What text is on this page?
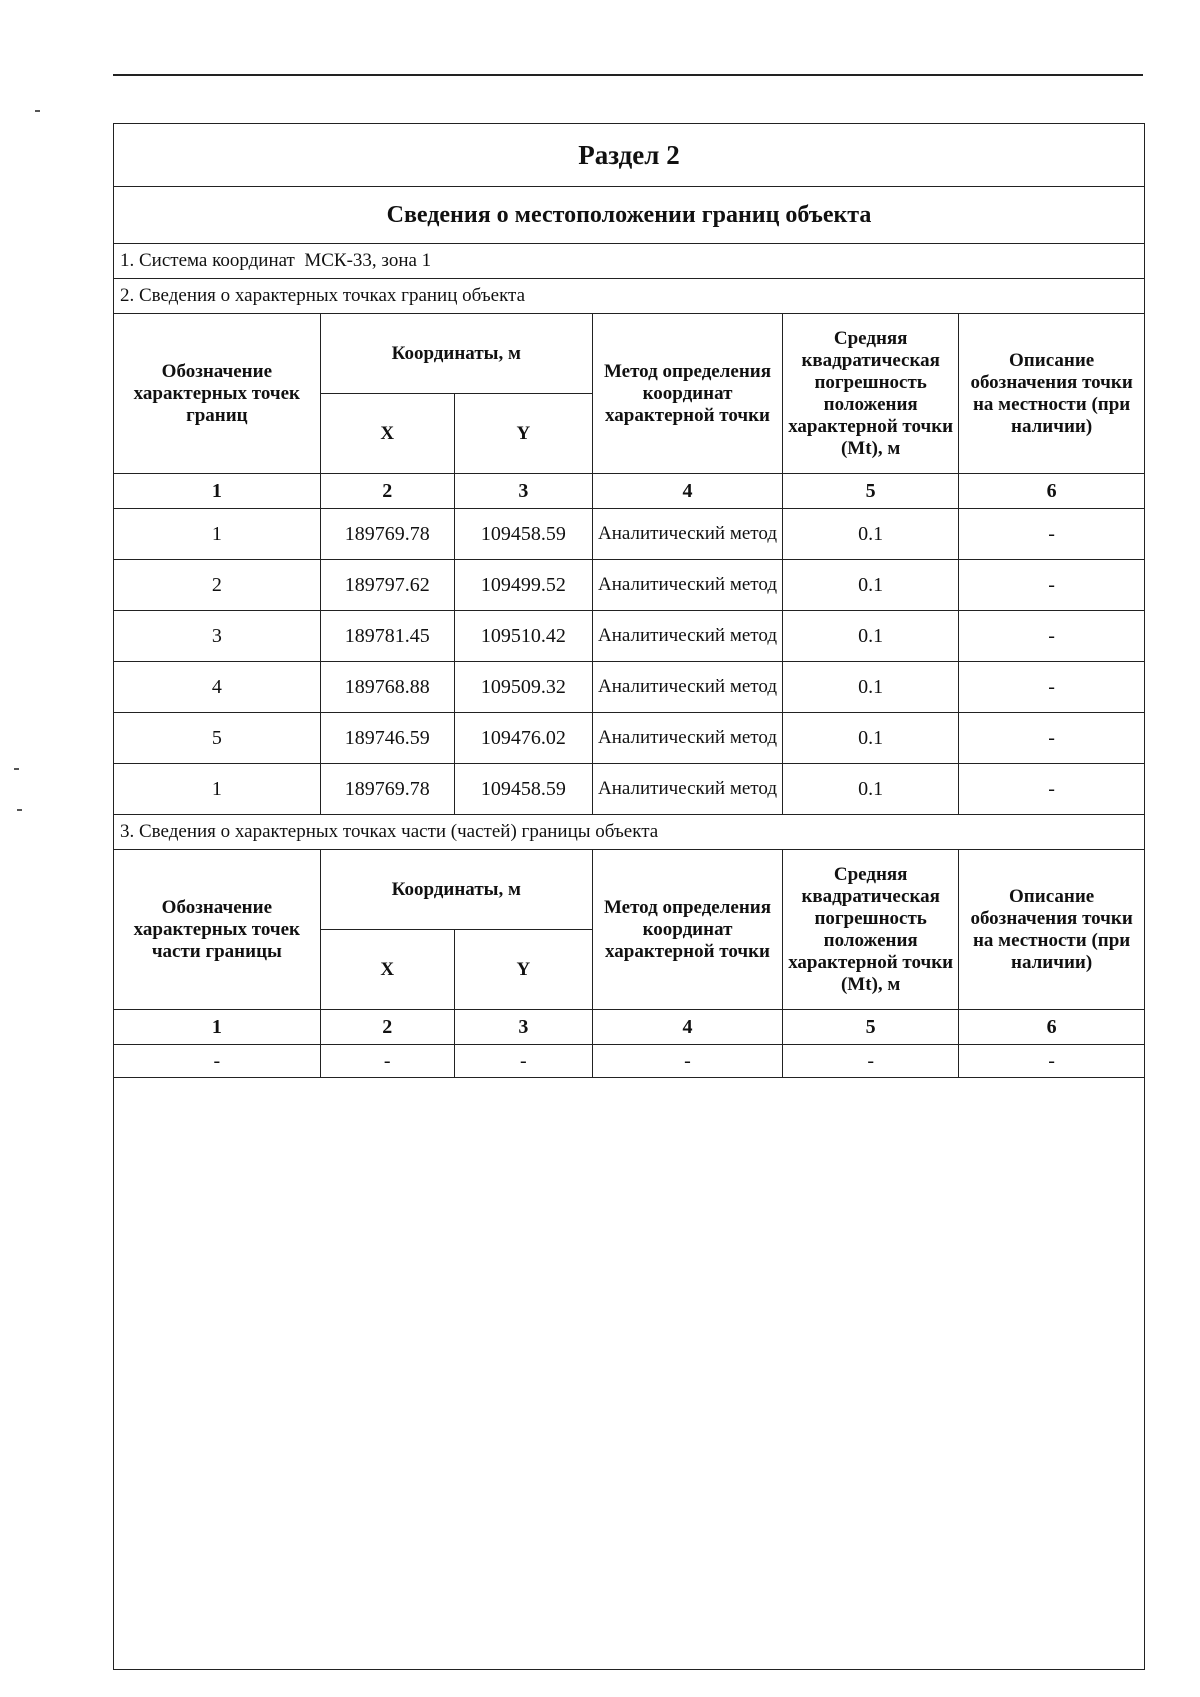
Раздел 2					
Сведения о местоположении границ объекта					
1. Система координат МСК-33, зона 1					
2. Сведения о характерных точках границ объекта					
Обозначение характерных точек границ	Координаты, м		Метод определения координат характерной точки	Средняя квадратическая погрешность положения характерной точки (Mt), м	Описание обозначения точки на местности (при наличии)
	X	Y			
1	2	3	4	5	6
1	189769.78	109458.59	Аналитический метод	0.1	-
2	189797.62	109499.52	Аналитический метод	0.1	-
3	189781.45	109510.42	Аналитический метод	0.1	-
4	189768.88	109509.32	Аналитический метод	0.1	-
5	189746.59	109476.02	Аналитический метод	0.1	-
1	189769.78	109458.59	Аналитический метод	0.1	-
3. Сведения о характерных точках части (частей) границы объекта					
Обозначение характерных точек части границы	Координаты, м		Метод определения координат характерной точки	Средняя квадратическая погрешность положения характерной точки (Mt), м	Описание обозначения точки на местности (при наличии)
	X	Y			
1	2	3	4	5	6
-	-	-	-	-	-
